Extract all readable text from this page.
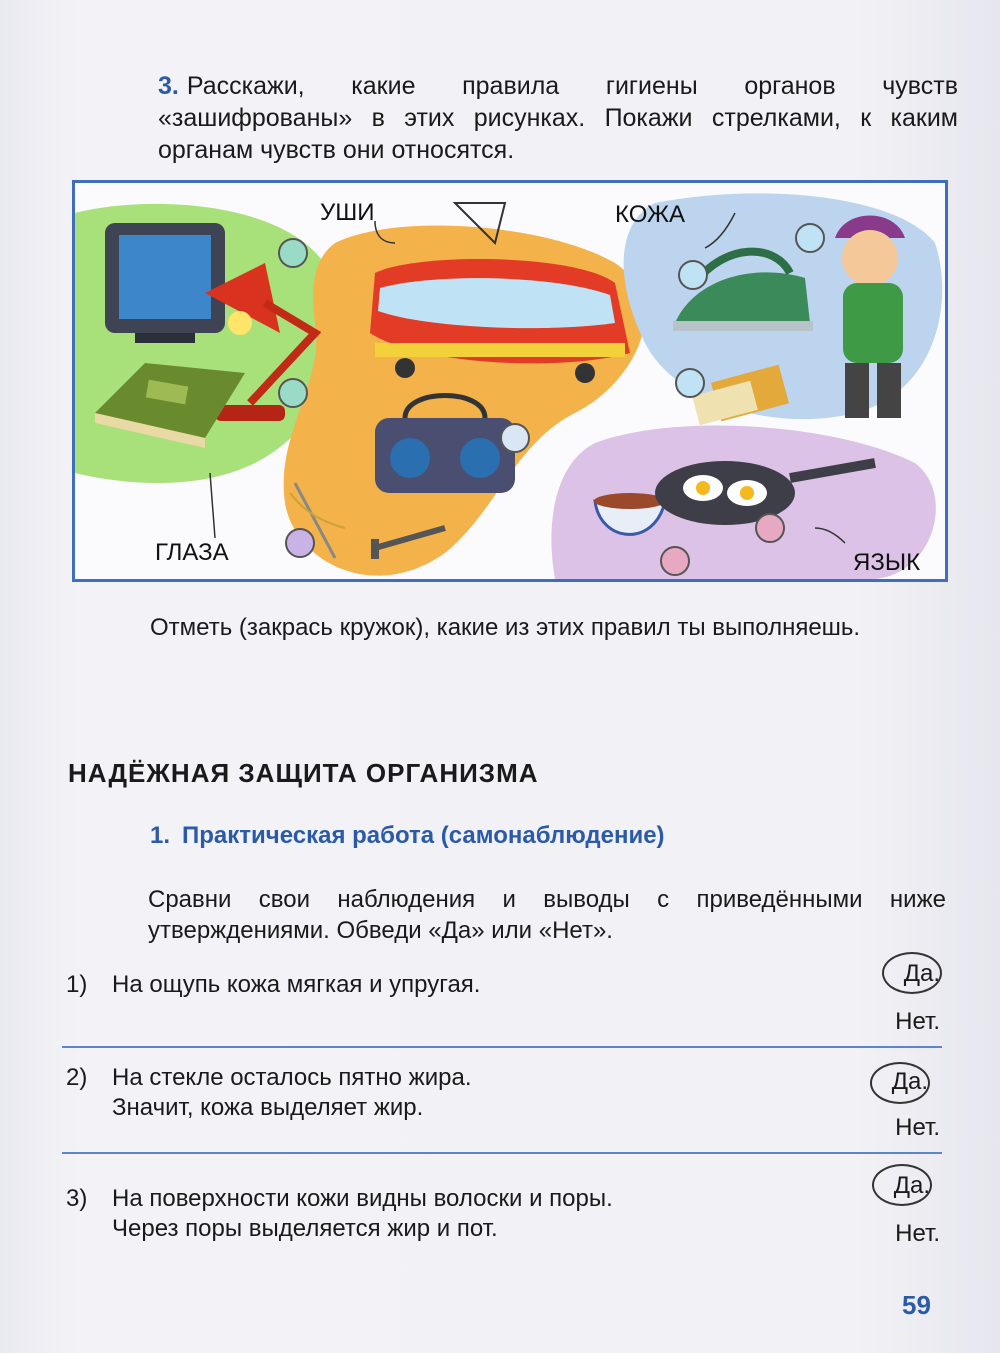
3. Расскажи, какие правила гигиены органов чувств «зашифрованы» в этих рисунках. Покажи стрелками, к каким органам чувств они относятся.
УШИ	КОЖА
ГЛАЗА	ЯЗЫК
Отметь (закрась кружок), какие из этих правил ты выполняешь.
НАДЁЖНАЯ ЗАЩИТА ОРГАНИЗМА
1. Практическая работа (самонаблюдение)
Сравни свои наблюдения и выводы с приведёнными ниже утверждениями. Обведи «Да» или «Нет».
1) На ощупь кожа мягкая и упругая.	Да.
Нет.
2) На стекле осталось пятно жира.
Значит, кожа выделяет жир.
Да.
Нет.
3) На поверхности кожи видны волоски и поры.
Через поры выделяется жир и пот.
Да.
Нет.
59
